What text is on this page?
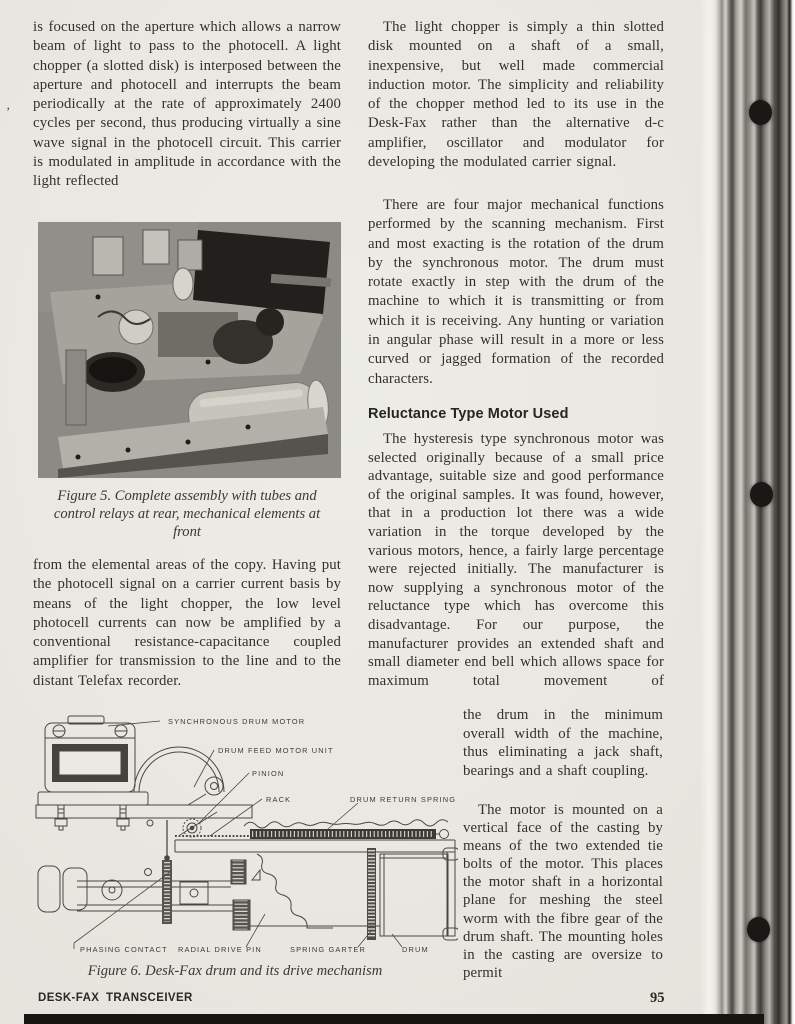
’

is focused on the aperture which allows a narrow beam of light to pass to the photocell. A light chopper (a slotted disk) is interposed between the aperture and photocell and interrupts the beam periodically at the rate of approximately 2400 cycles per second, thus producing virtually a sine wave signal in the photocell circuit. This carrier is modulated in amplitude in accordance with the light reflected

Figure 5. Complete assembly with tubes and control relays at rear, mechanical elements at front

from the elemental areas of the copy. Having put the photocell signal on a carrier current basis by means of the light chopper, the low level photocell currents can now be amplified by a conventional resistance-capacitance coupled amplifier for transmission to the line and to the distant Telefax recorder.

SYNCHRONOUS DRUM MOTOR
DRUM FEED MOTOR UNIT
PINION
RACK	DRUM RETURN SPRING
PHASING CONTACT RADIAL DRIVE PIN	SPRING GARTER	DRUM

Figure 6. Desk-Fax drum and its drive mechanism

The light chopper is simply a thin slotted disk mounted on a shaft of a small, inexpensive, but well made commercial induction motor. The simplicity and reliability of the chopper method led to its use in the Desk-Fax rather than the alternative d-c amplifier, oscillator and modulator for developing the modulated carrier signal.

There are four major mechanical functions performed by the scanning mechanism. First and most exacting is the rotation of the drum by the synchronous motor. The drum must rotate exactly in step with the drum of the machine to which it is transmitting or from which it is receiving. Any hunting or variation in angular phase will result in a more or less curved or jagged formation of the recorded characters.

Reluctance Type Motor Used

The hysteresis type synchronous motor was selected originally because of a small price advantage, suitable size and good performance of the original samples. It was found, however, that in a production lot there was a wide variation in the torque developed by the various motors, hence, a fairly large percentage were rejected initially. The manufacturer is now supplying a synchronous motor of the reluctance type which has overcome this disadvantage. For our purpose, the manufacturer provides an extended shaft and small diameter end bell which allows space for maximum total movement of

the drum in the minimum overall width of the machine, thus eliminating a jack shaft, bearings and a shaft coupling.

The motor is mounted on a vertical face of the casting by means of the two extended tie bolts of the motor. This places the motor shaft in a horizontal plane for meshing the steel worm with the fibre gear of the drum shaft. The mounting holes in the casting are oversize to permit

DESK-FAX TRANSCEIVER	95
